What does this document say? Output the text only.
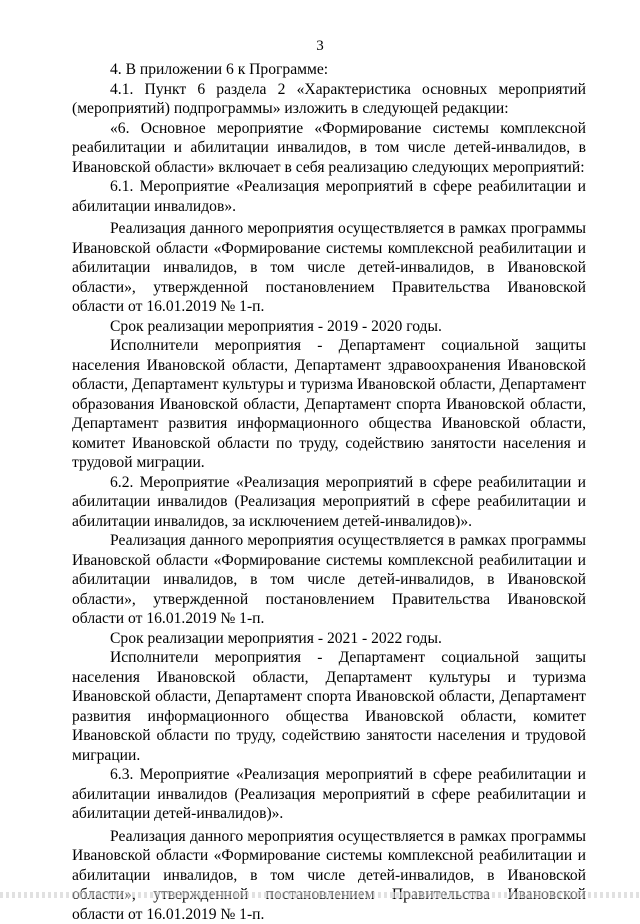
3

4. В приложении 6 к Программе:

4.1. Пункт 6 раздела 2 «Характеристика основных мероприятий (мероприятий) подпрограммы» изложить в следующей редакции:

«6. Основное мероприятие «Формирование системы комплексной реабилитации и абилитации инвалидов, в том числе детей-инвалидов, в Ивановской области» включает в себя реализацию следующих мероприятий:

6.1. Мероприятие «Реализация мероприятий в сфере реабилитации и абилитации инвалидов».

Реализация данного мероприятия осуществляется в рамках программы Ивановской области «Формирование системы комплексной реабилитации и абилитации инвалидов, в том числе детей-инвалидов, в Ивановской области», утвержденной постановлением Правительства Ивановской области от 16.01.2019 № 1-п.

Срок реализации мероприятия - 2019 - 2020 годы.

Исполнители мероприятия - Департамент социальной защиты населения Ивановской области, Департамент здравоохранения Ивановской области, Департамент культуры и туризма Ивановской области, Департамент образования Ивановской области, Департамент спорта Ивановской области, Департамент развития информационного общества Ивановской области, комитет Ивановской области по труду, содействию занятости населения и трудовой миграции.

6.2. Мероприятие «Реализация мероприятий в сфере реабилитации и абилитации инвалидов (Реализация мероприятий в сфере реабилитации и абилитации инвалидов, за исключением детей-инвалидов)».

Реализация данного мероприятия осуществляется в рамках программы Ивановской области «Формирование системы комплексной реабилитации и абилитации инвалидов, в том числе детей-инвалидов, в Ивановской области», утвержденной постановлением Правительства Ивановской области от 16.01.2019 № 1-п.

Срок реализации мероприятия - 2021 - 2022 годы.

Исполнители мероприятия - Департамент социальной защиты населения Ивановской области, Департамент культуры и туризма Ивановской области, Департамент спорта Ивановской области, Департамент развития информационного общества Ивановской области, комитет Ивановской области по труду, содействию занятости населения и трудовой миграции.

6.3. Мероприятие «Реализация мероприятий в сфере реабилитации и абилитации инвалидов (Реализация мероприятий в сфере реабилитации и абилитации детей-инвалидов)».

Реализация данного мероприятия осуществляется в рамках программы Ивановской области «Формирование системы комплексной реабилитации и абилитации инвалидов, в том числе детей-инвалидов, в Ивановской области от 16.01.2019 № 1-п.
